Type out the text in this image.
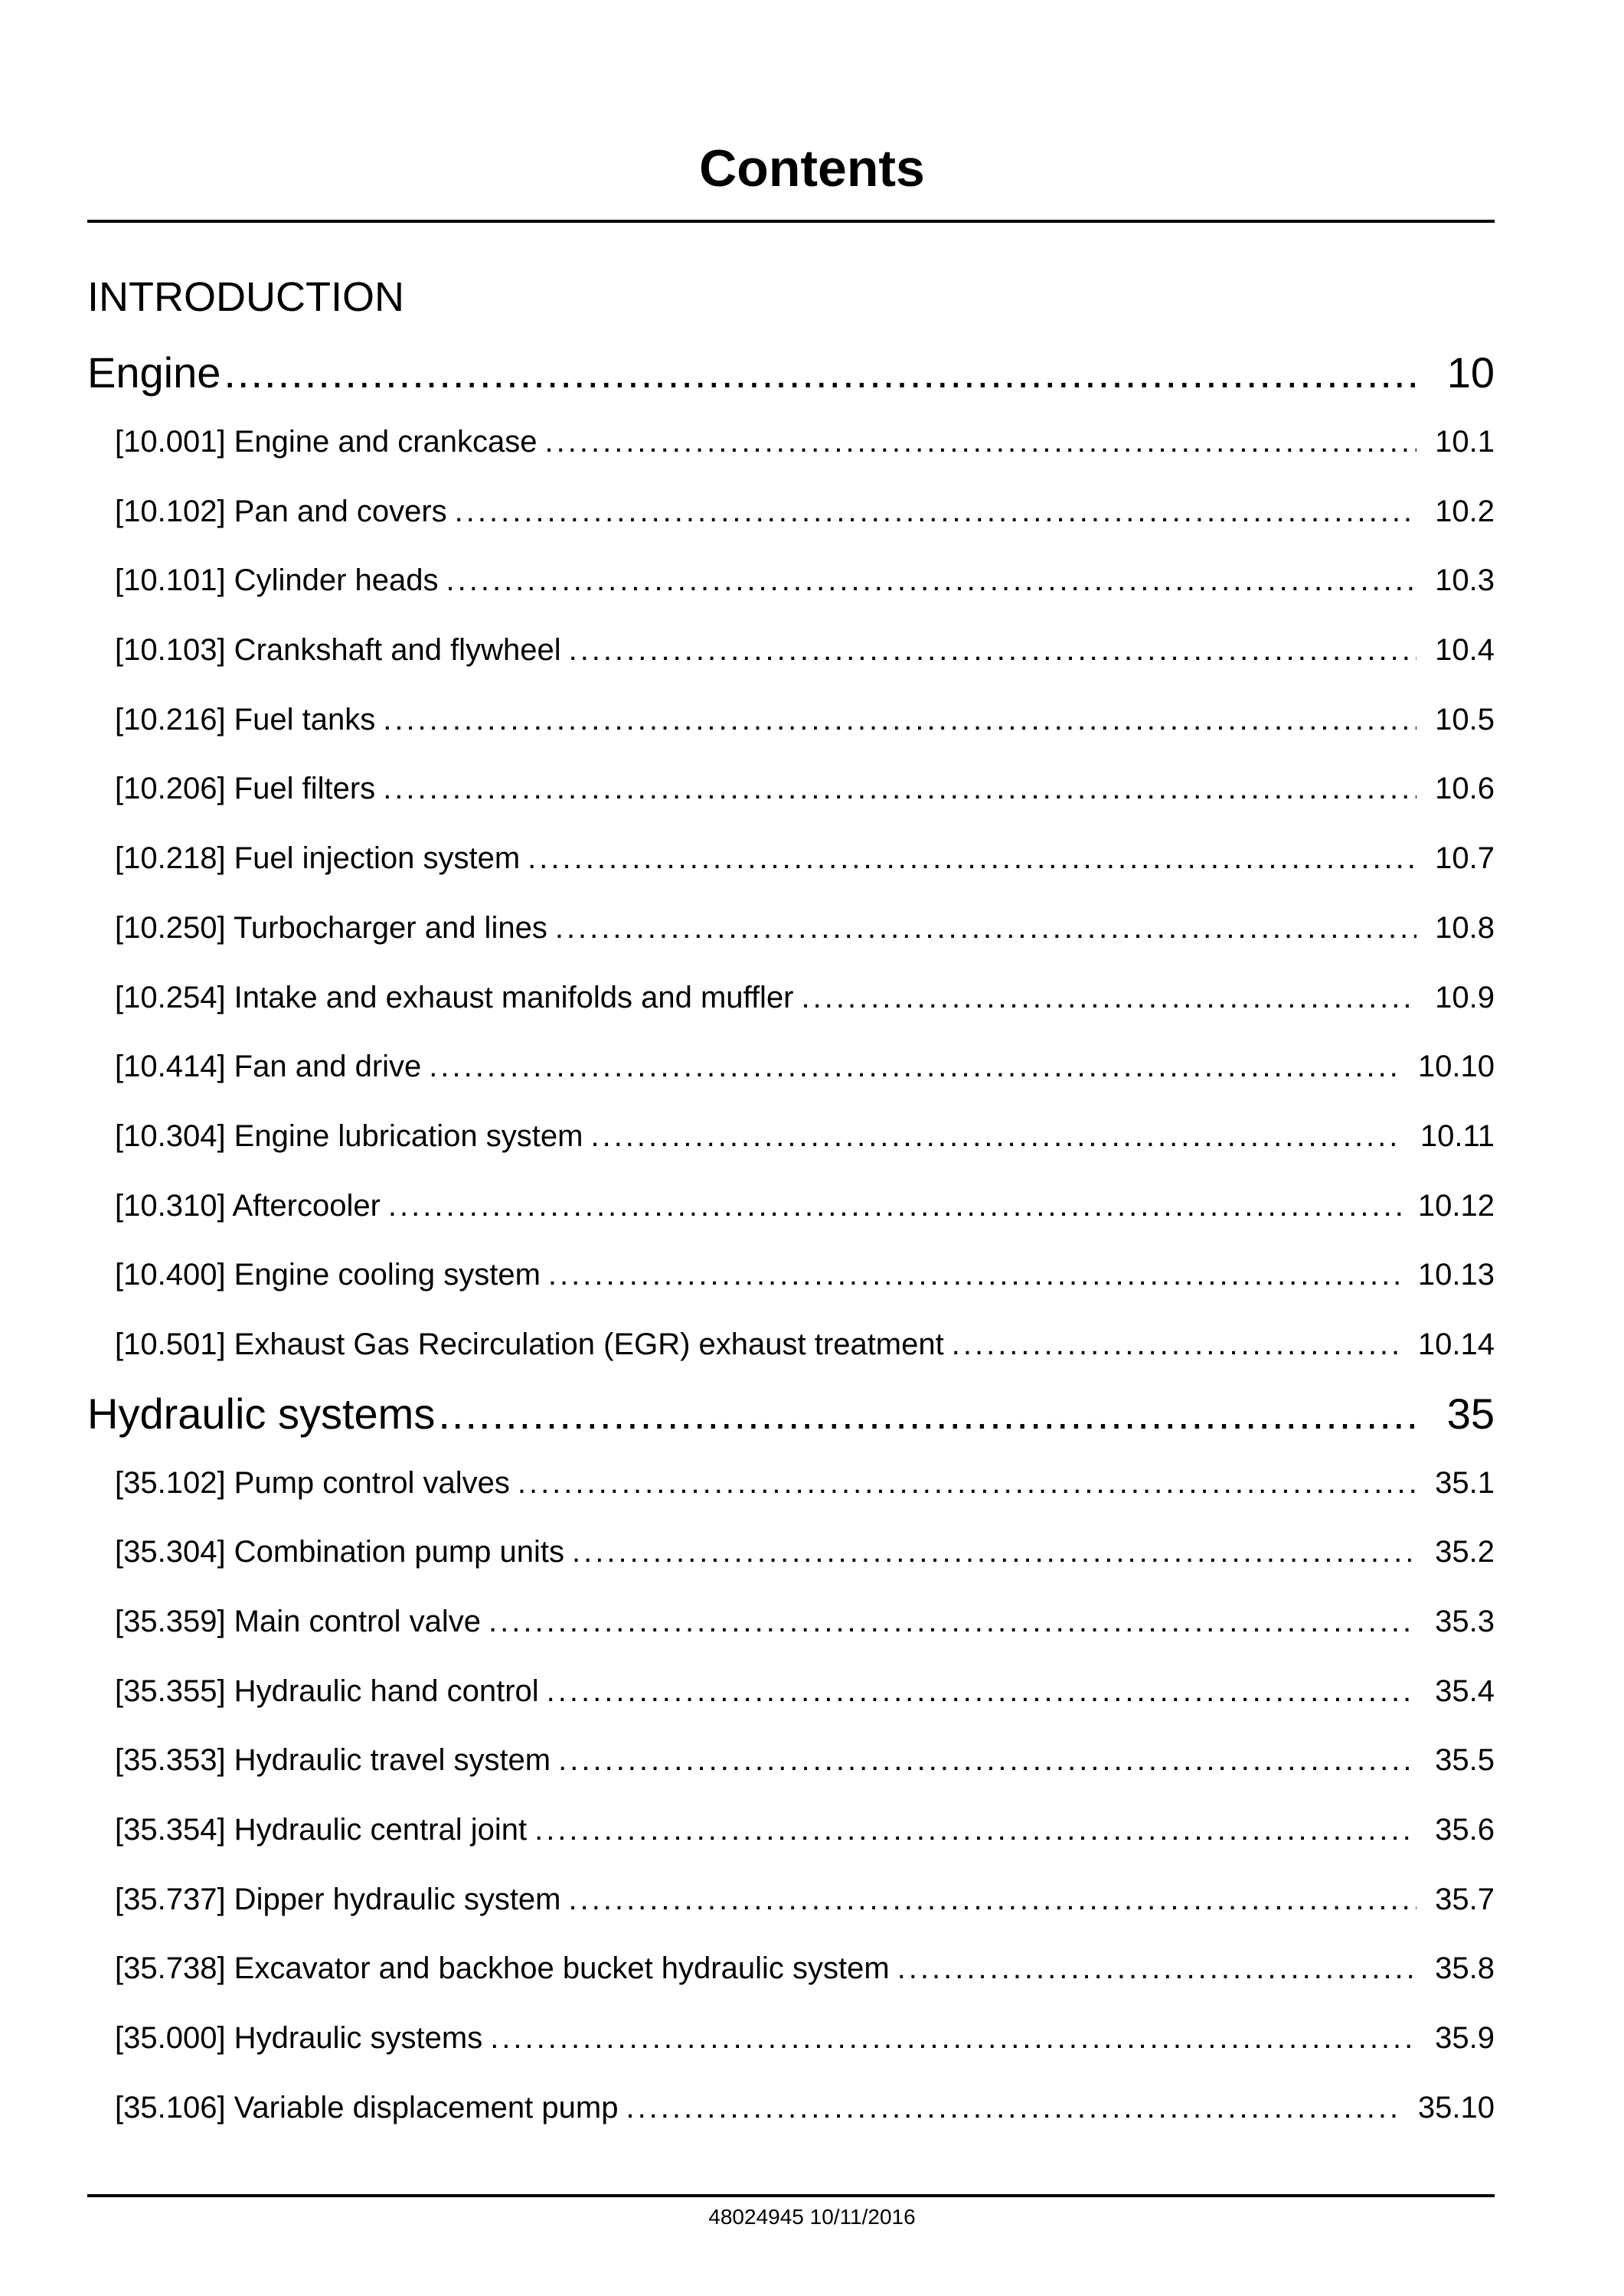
Contents
INTRODUCTION
Engine .....	10
[10.001] Engine and crankcase .....	10.1
[10.102] Pan and covers .....	10.2
[10.101] Cylinder heads .....	10.3
[10.103] Crankshaft and flywheel .....	10.4
[10.216] Fuel tanks .....	10.5
[10.206] Fuel filters .....	10.6
[10.218] Fuel injection system .....	10.7
[10.250] Turbocharger and lines .....	10.8
[10.254] Intake and exhaust manifolds and muffler .....	10.9
[10.414] Fan and drive .....	10.10
[10.304] Engine lubrication system .....	10.11
[10.310] Aftercooler .....	10.12
[10.400] Engine cooling system .....	10.13
[10.501] Exhaust Gas Recirculation (EGR) exhaust treatment .....	10.14
Hydraulic systems .....	35
[35.102] Pump control valves .....	35.1
[35.304] Combination pump units .....	35.2
[35.359] Main control valve .....	35.3
[35.355] Hydraulic hand control .....	35.4
[35.353] Hydraulic travel system .....	35.5
[35.354] Hydraulic central joint .....	35.6
[35.737] Dipper hydraulic system .....	35.7
[35.738] Excavator and backhoe bucket hydraulic system .....	35.8
[35.000] Hydraulic systems .....	35.9
[35.106] Variable displacement pump .....	35.10
48024945 10/11/2016
